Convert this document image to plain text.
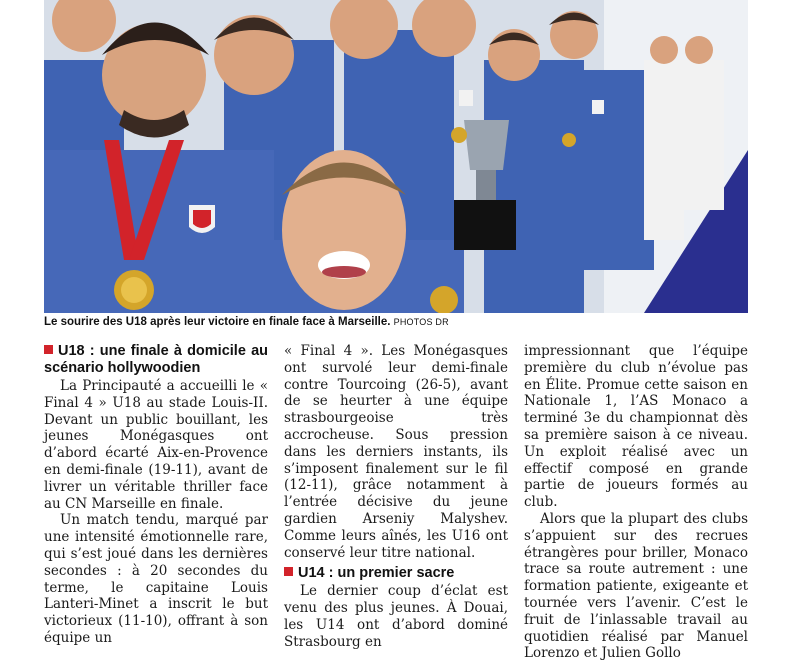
Le sourire des U18 après leur victoire en finale face à Marseille. PHOTOS DR
U18 : une finale à domicile au scénario hollywoodien

La Principauté a accueilli le « Final 4 » U18 au stade Louis-II. Devant un public bouillant, les jeunes Monégasques ont d’abord écarté Aix-en-Provence en demi-finale (19-11), avant de livrer un véritable thriller face au CN Marseille en finale.

Un match tendu, marqué par une intensité émotionnelle rare, qui s’est joué dans les dernières secondes : à 20 secondes du terme, le capitaine Louis Lanteri-Minet a inscrit le but victorieux (11-10), offrant à son équipe un

« Final 4 ». Les Monégasques ont survolé leur demi-finale contre Tourcoing (26-5), avant de se heurter à une équipe strasbourgeoise très accrocheuse. Sous pression dans les derniers instants, ils s’imposent finalement sur le fil (12-11), grâce notamment à l’entrée décisive du jeune gardien Arseniy Malyshev. Comme leurs aînés, les U16 ont conservé leur titre national.

U14 : un premier sacre

Le dernier coup d’éclat est venu des plus jeunes. À Douai, les U14 ont d’abord dominé Strasbourg en

impressionnant que l’équipe première du club n’évolue pas en Élite. Promue cette saison en Nationale 1, l’AS Monaco a terminé 3e du championnat dès sa première saison à ce niveau. Un exploit réalisé avec un effectif composé en grande partie de joueurs formés au club.

Alors que la plupart des clubs s’appuient sur des recrues étrangères pour briller, Monaco trace sa route autrement : une formation patiente, exigeante et tournée vers l’avenir. C’est le fruit de l’inlassable travail au quotidien réalisé par Manuel Lorenzo et Julien Gollo
